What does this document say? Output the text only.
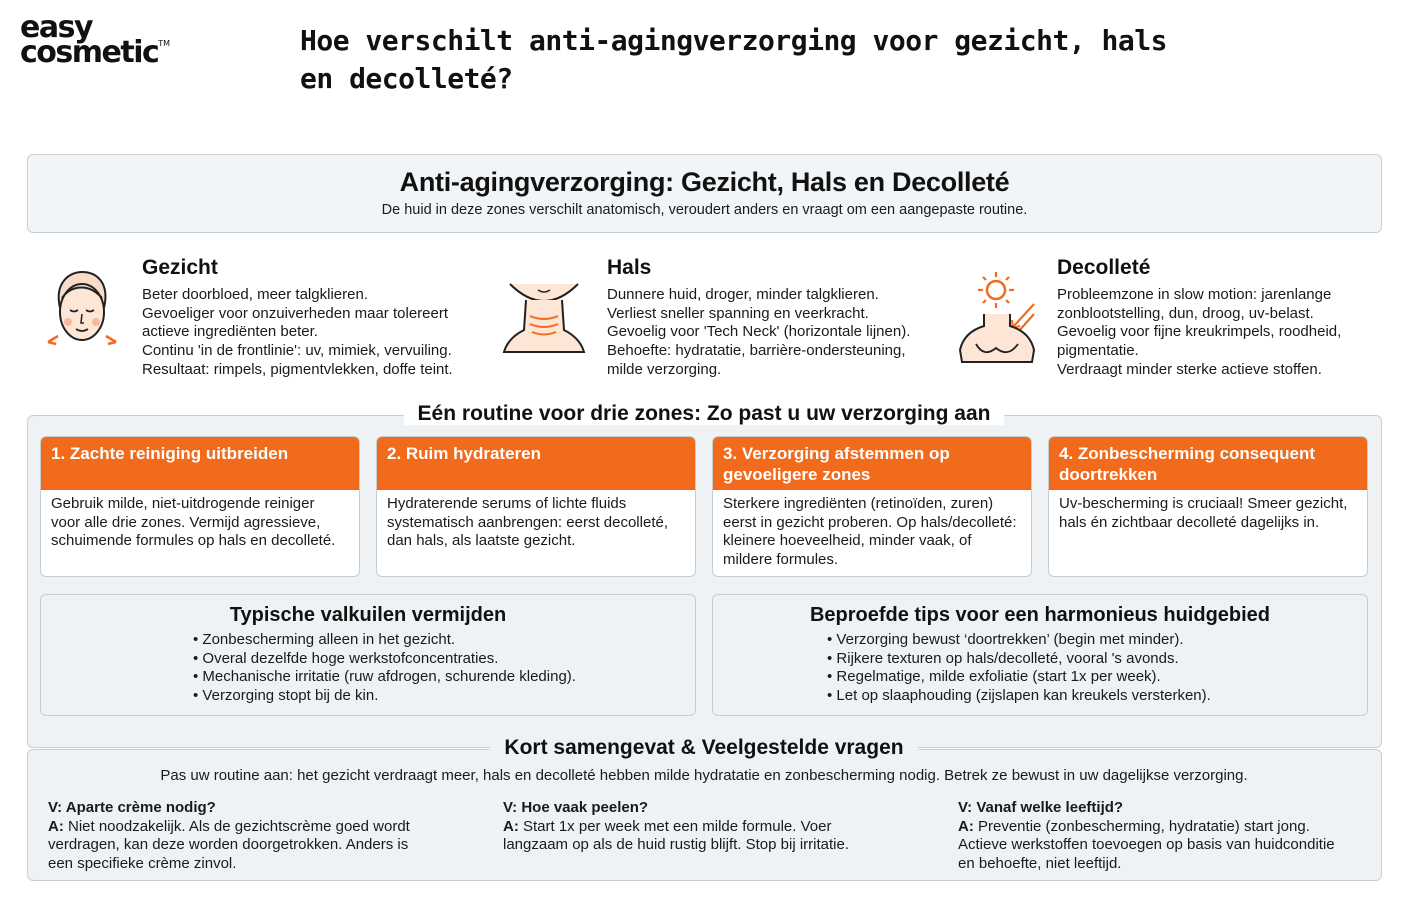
easy
cosmetic™	Hoe verschilt anti-agingverzorging voor gezicht, hals en decolleté?
Anti-agingverzorging: Gezicht, Hals en Decolleté

De huid in deze zones verschilt anatomisch, veroudert anders en vraagt om een aangepaste routine.

Gezicht
Beter doorbloed, meer talgklieren.
Gevoeliger voor onzuiverheden maar tolereert
actieve ingrediënten beter.
Continu 'in de frontlinie': uv, mimiek, vervuiling.
Resultaat: rimpels, pigmentvlekken, doffe teint.
Hals
Dunnere huid, droger, minder talgklieren.
Verliest sneller spanning en veerkracht.
Gevoelig voor 'Tech Neck' (horizontale lijnen).
Behoefte: hydratatie, barrière-ondersteuning,
milde verzorging.
Decolleté
Probleemzone in slow motion: jarenlange
zonblootstelling, dun, droog, uv-belast.
Gevoelig voor fijne kreukrimpels, roodheid,
pigmentatie.
Verdraagt minder sterke actieve stoffen.
Eén routine voor drie zones: Zo past u uw verzorging aan
1. Zachte reiniging uitbreiden
Gebruik milde, niet-uitdrogende reiniger
voor alle drie zones. Vermijd agressieve,
schuimende formules op hals en decolleté.
2. Ruim hydrateren
Hydraterende serums of lichte fluids
systematisch aanbrengen: eerst decolleté,
dan hals, als laatste gezicht.
3. Verzorging afstemmen op
gevoeligere zones
Sterkere ingrediënten (retinoïden, zuren)
eerst in gezicht proberen. Op hals/decolleté:
kleinere hoeveelheid, minder vaak, of
mildere formules.
4. Zonbescherming consequent
doortrekken
Uv-bescherming is cruciaal! Smeer gezicht,
hals én zichtbaar decolleté dagelijks in.
Typische valkuilen vermijden
• Zonbescherming alleen in het gezicht.
• Overal dezelfde hoge werkstofconcentraties.
• Mechanische irritatie (ruw afdrogen, schurende kleding).
• Verzorging stopt bij de kin.
Beproefde tips voor een harmonieus huidgebied
• Verzorging bewust ‘doortrekken’ (begin met minder).
• Rijkere texturen op hals/decolleté, vooral 's avonds.
• Regelmatige, milde exfoliatie (start 1x per week).
• Let op slaaphouding (zijslapen kan kreukels versterken).
Kort samengevat & Veelgestelde vragen
Pas uw routine aan: het gezicht verdraagt meer, hals en decolleté hebben milde hydratatie en zonbescherming nodig. Betrek ze bewust in uw dagelijkse verzorging.
V: Aparte crème nodig?
A: Niet noodzakelijk. Als de gezichtscrème goed wordt
verdragen, kan deze worden doorgetrokken. Anders is
een specifieke crème zinvol.
V: Hoe vaak peelen?
A: Start 1x per week met een milde formule. Voer
langzaam op als de huid rustig blijft. Stop bij irritatie.
V: Vanaf welke leeftijd?
A: Preventie (zonbescherming, hydratatie) start jong.
Actieve werkstoffen toevoegen op basis van huidconditie
en behoefte, niet leeftijd.
